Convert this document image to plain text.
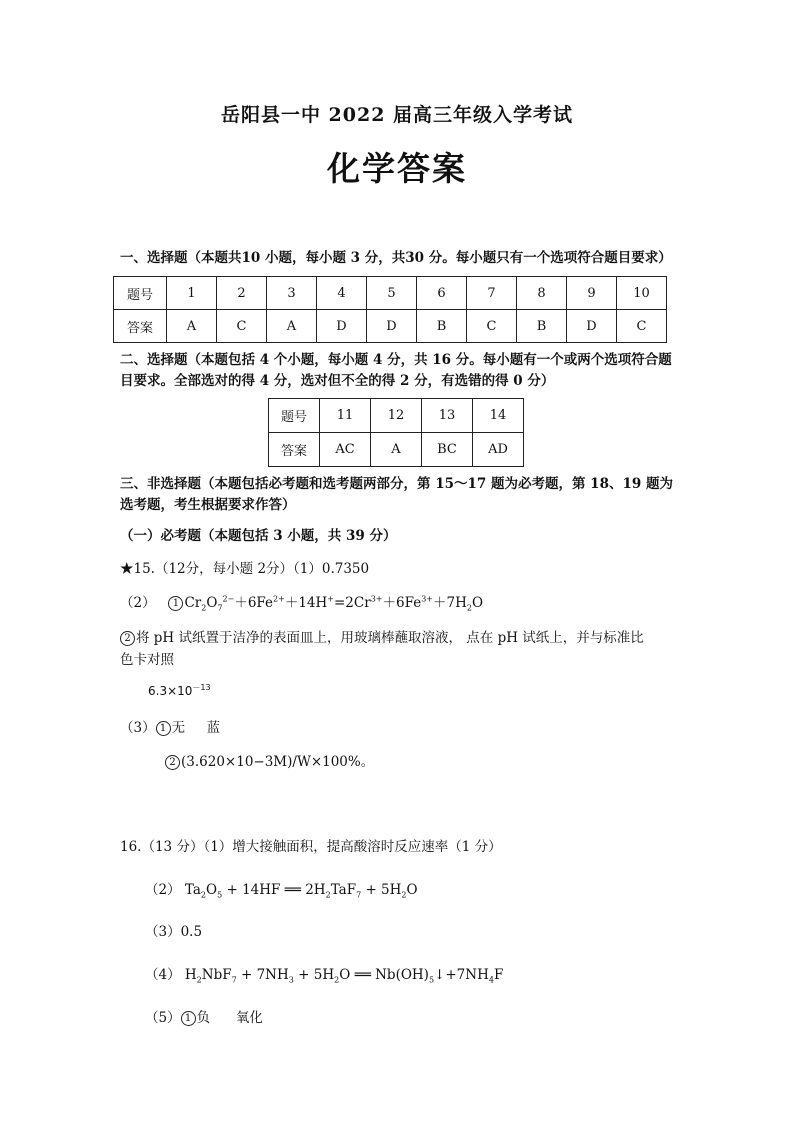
岳阳县一中 2022 届高三年级入学考试
化学答案
一、选择题（本题共10 小题，每小题 3 分，共30 分。每小题只有一个选项符合题目要求）
题号	1	2	3	4	5	6	7	8	9	10
答案	A	C	A	D	D	B	C	B	D	C
二、选择题（本题包括 4 个小题，每小题 4 分，共 16 分。每小题有一个或两个选项符合题
目要求。全部选对的得 4 分，选对但不全的得 2 分，有选错的得 0 分）
题号	11	12	13	14
答案	AC	A	BC	AD
三、非选择题（本题包括必考题和选考题两部分，第 15～17 题为必考题，第 18、19 题为
选考题，考生根据要求作答）
（一）必考题（本题包括 3 小题，共 39 分）
★15.（12分，每小题 2分）（1）0.7350
（2） 1 $Cr_2O_7^{2-}+6Fe^{2+}+14H^+=2Cr^{3+}+6Fe^{3+}+7H_2O$
2 将 pH 试纸置于洁净的表面皿上，用玻璃棒蘸取溶液， 点在 pH 试纸上，并与标准比
色卡对照
$6.3\times 10^{-13}$
（3） 1 无 蓝
2 (3.620×10−3M)/W×100%。
16.（13 分）（1）增大接触面积，提高酸溶时反应速率（1 分）
（2） $Ta_2O_5 + 14HF$ ══ $2H_2TaF_7 + 5H_2O$
（3）0.5
（4） $H_2NbF_7 + 7NH_3 + 5H_2O$ ══ $Nb(OH)_5↓+7NH_4F$
（5） 1 负 氧化
